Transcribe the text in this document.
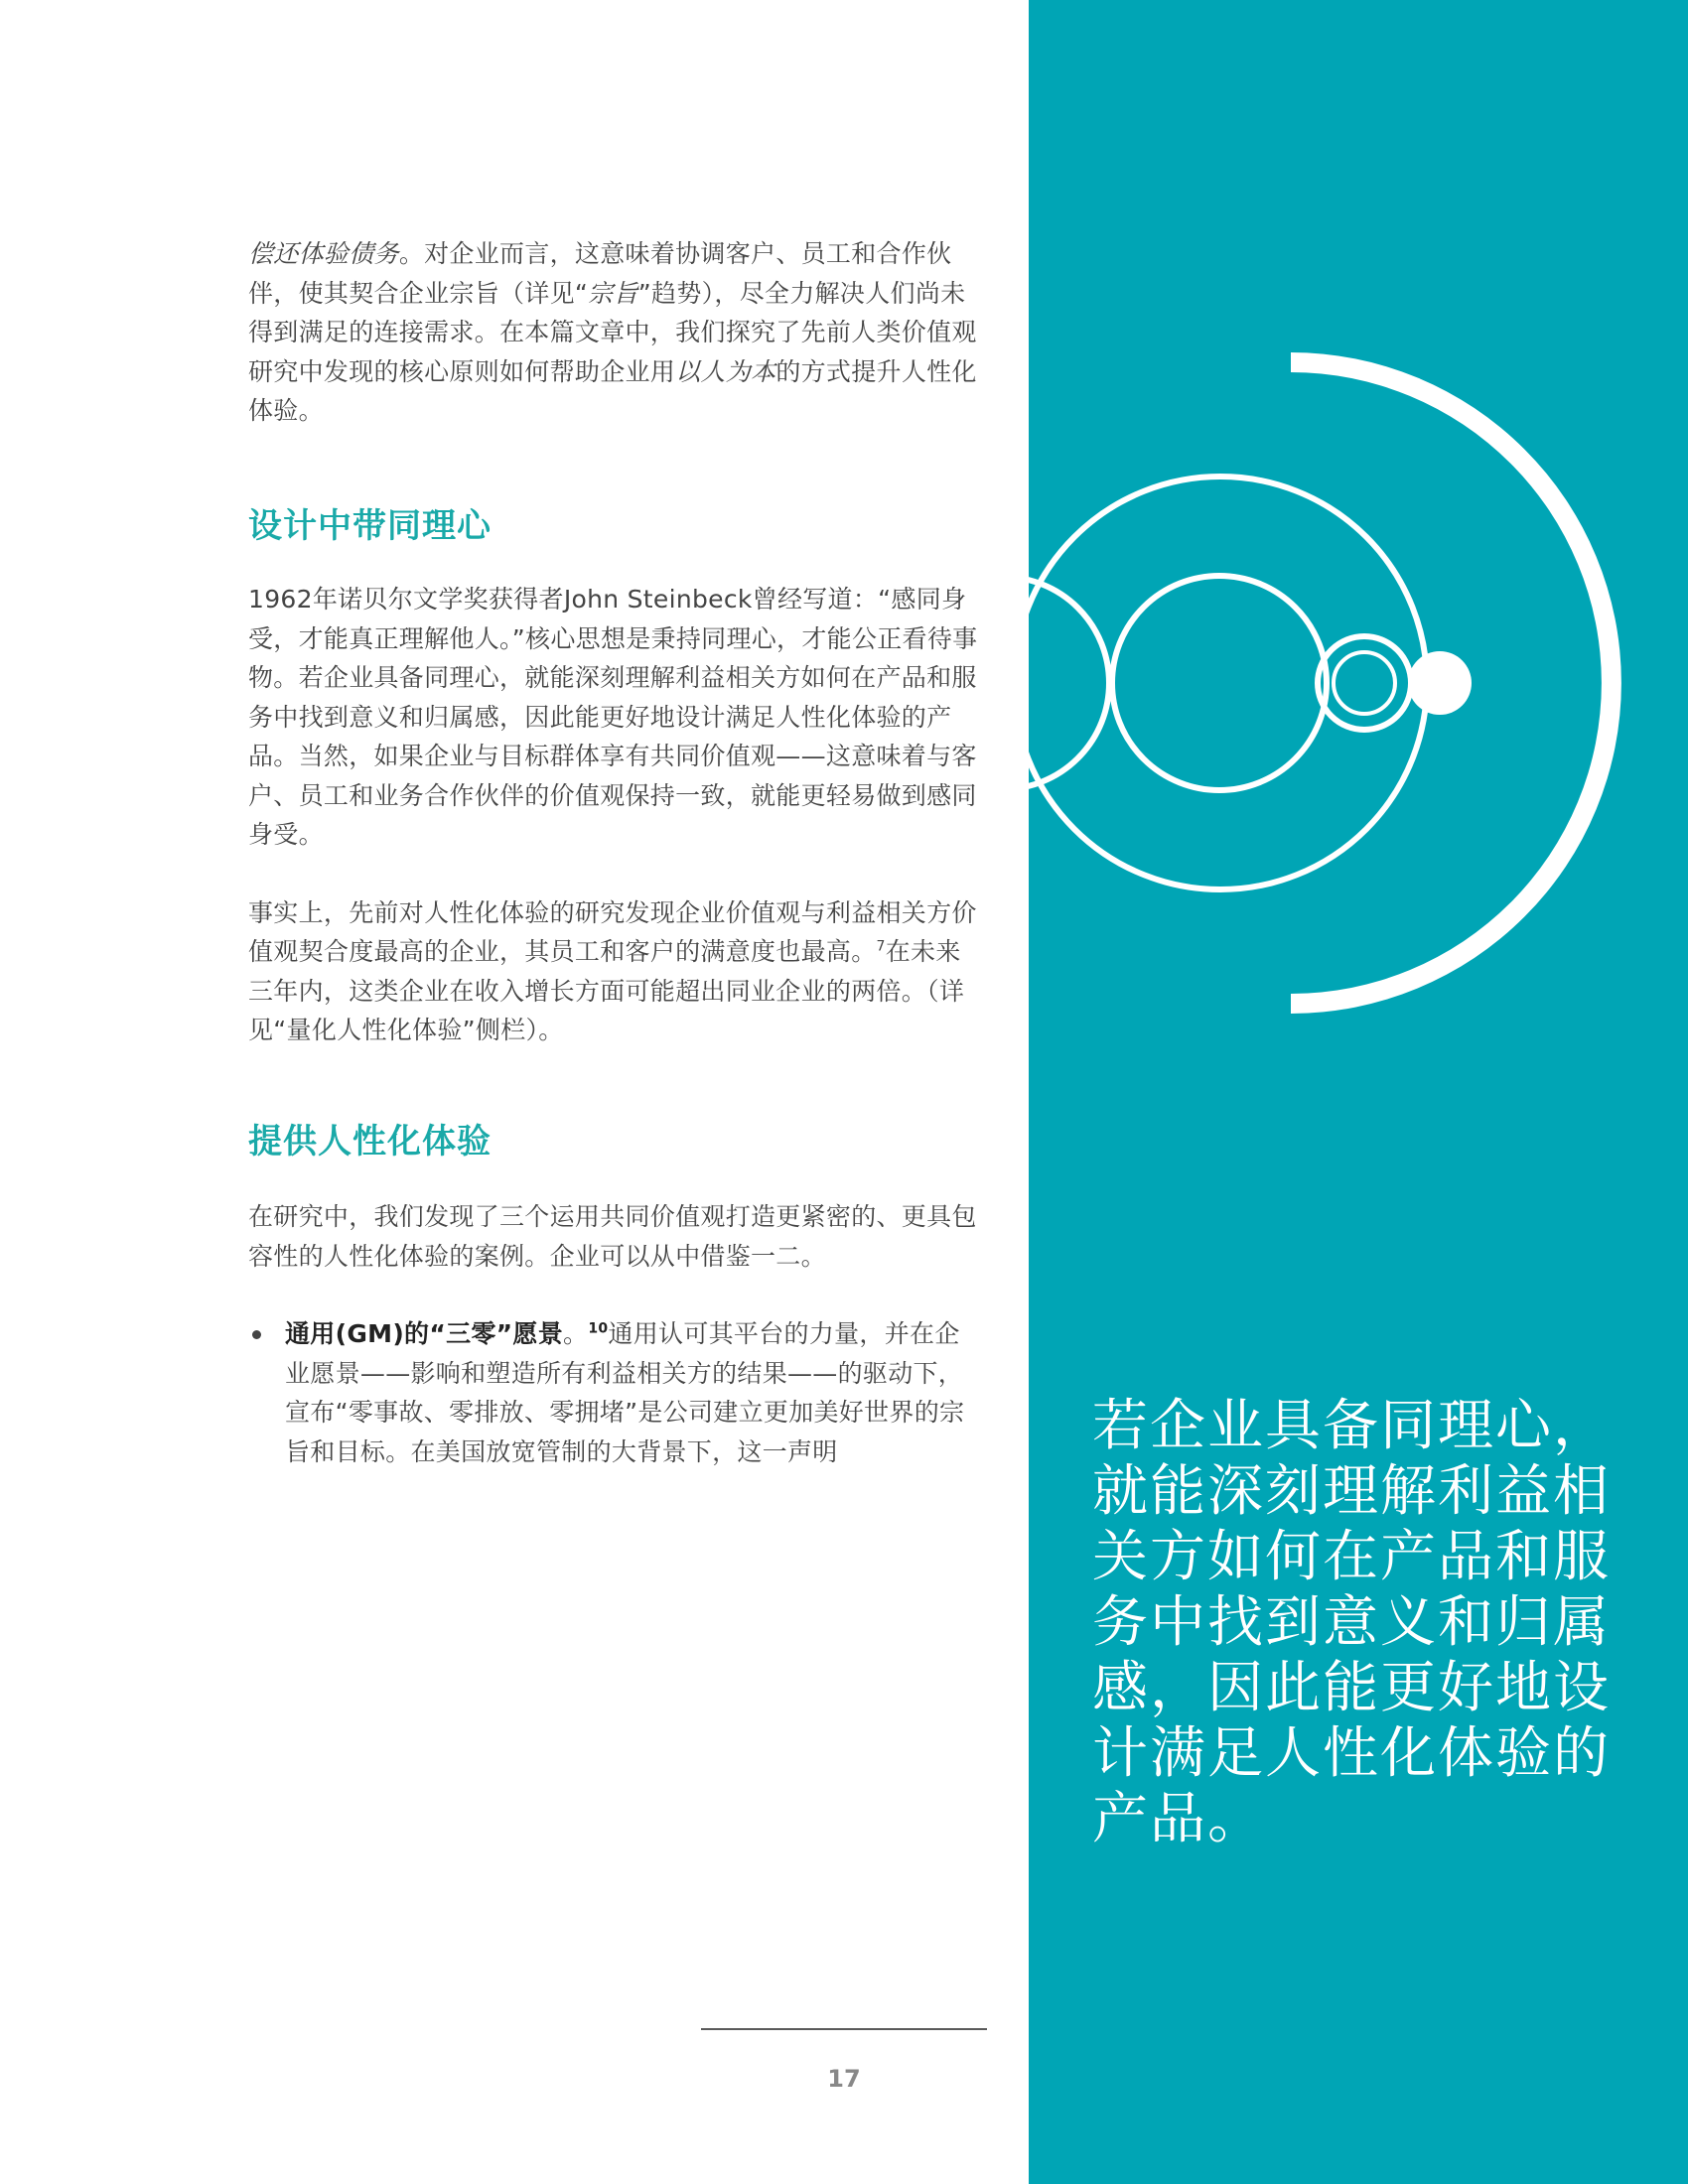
偿还体验债务。对企业而言，这意味着协调客户、员工和合作伙伴，使其契合企业宗旨（详见“宗旨”趋势），尽全力解决人们尚未得到满足的连接需求。在本篇文章中，我们探究了先前人类价值观研究中发现的核心原则如何帮助企业用以人为本的方式提升人性化体验。

设计中带同理心

1962年诺贝尔文学奖获得者John Steinbeck曾经写道：“感同身受，才能真正理解他人。”核心思想是秉持同理心，才能公正看待事物。若企业具备同理心，就能深刻理解利益相关方如何在产品和服务中找到意义和归属感，因此能更好地设计满足人性化体验的产品。当然，如果企业与目标群体享有共同价值观——这意味着与客户、员工和业务合作伙伴的价值观保持一致，就能更轻易做到感同身受。

事实上，先前对人性化体验的研究发现企业价值观与利益相关方价值观契合度最高的企业，其员工和客户的满意度也最高。$^7$在未来三年内，这类企业在收入增长方面可能超出同业企业的两倍。（详见“量化人性化体验”侧栏）。

提供人性化体验

在研究中，我们发现了三个运用共同价值观打造更紧密的、更具包容性的人性化体验的案例。企业可以从中借鉴一二。

通用(GM)的“三零”愿景。$^{10}$通用认可其平台的力量，并在企业愿景——影响和塑造所有利益相关方的结果——的驱动下，宣布“零事故、零排放、零拥堵”是公司建立更加美好世界的宗旨和目标。在美国放宽管制的大背景下，这一声明	若企业具备同理心，就能深刻理解利益相关方如何在产品和服务中找到意义和归属感，因此能更好地设计满足人性化体验的产品。

17
